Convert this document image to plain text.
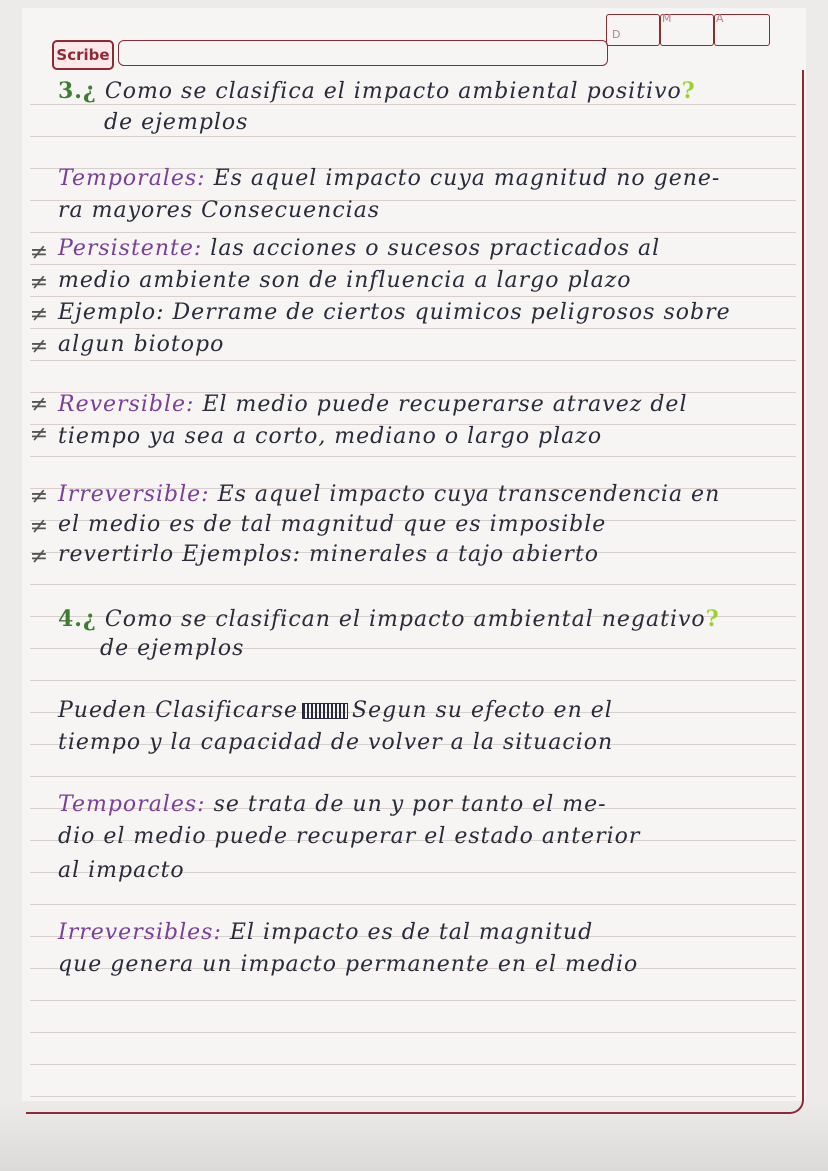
Scribe
D
M	A
≠
≠
≠
≠
≠
≠
≠
≠
≠
3.¿ Como se clasifica el impacto ambiental positivo?
de ejemplos
Temporales: Es aquel impacto cuya magnitud no gene-
ra mayores Consecuencias
Persistente: las acciones o sucesos practicados al
medio ambiente son de influencia a largo plazo
Ejemplo: Derrame de ciertos quimicos peligrosos sobre
algun biotopo
Reversible: El medio puede recuperarse atravez del
tiempo ya sea a corto, mediano o largo plazo
Irreversible: Es aquel impacto cuya transcendencia en
el medio es de tal magnitud que es imposible
revertirlo Ejemplos: minerales a tajo abierto
4.¿ Como se clasifican el impacto ambiental negativo?
de ejemplos
Pueden Clasificarse Segun su efecto en el
tiempo y la capacidad de volver a la situacion
Temporales: se trata de un y por tanto el me-
dio el medio puede recuperar el estado anterior
al impacto
Irreversibles: El impacto es de tal magnitud
que genera un impacto permanente en el medio
